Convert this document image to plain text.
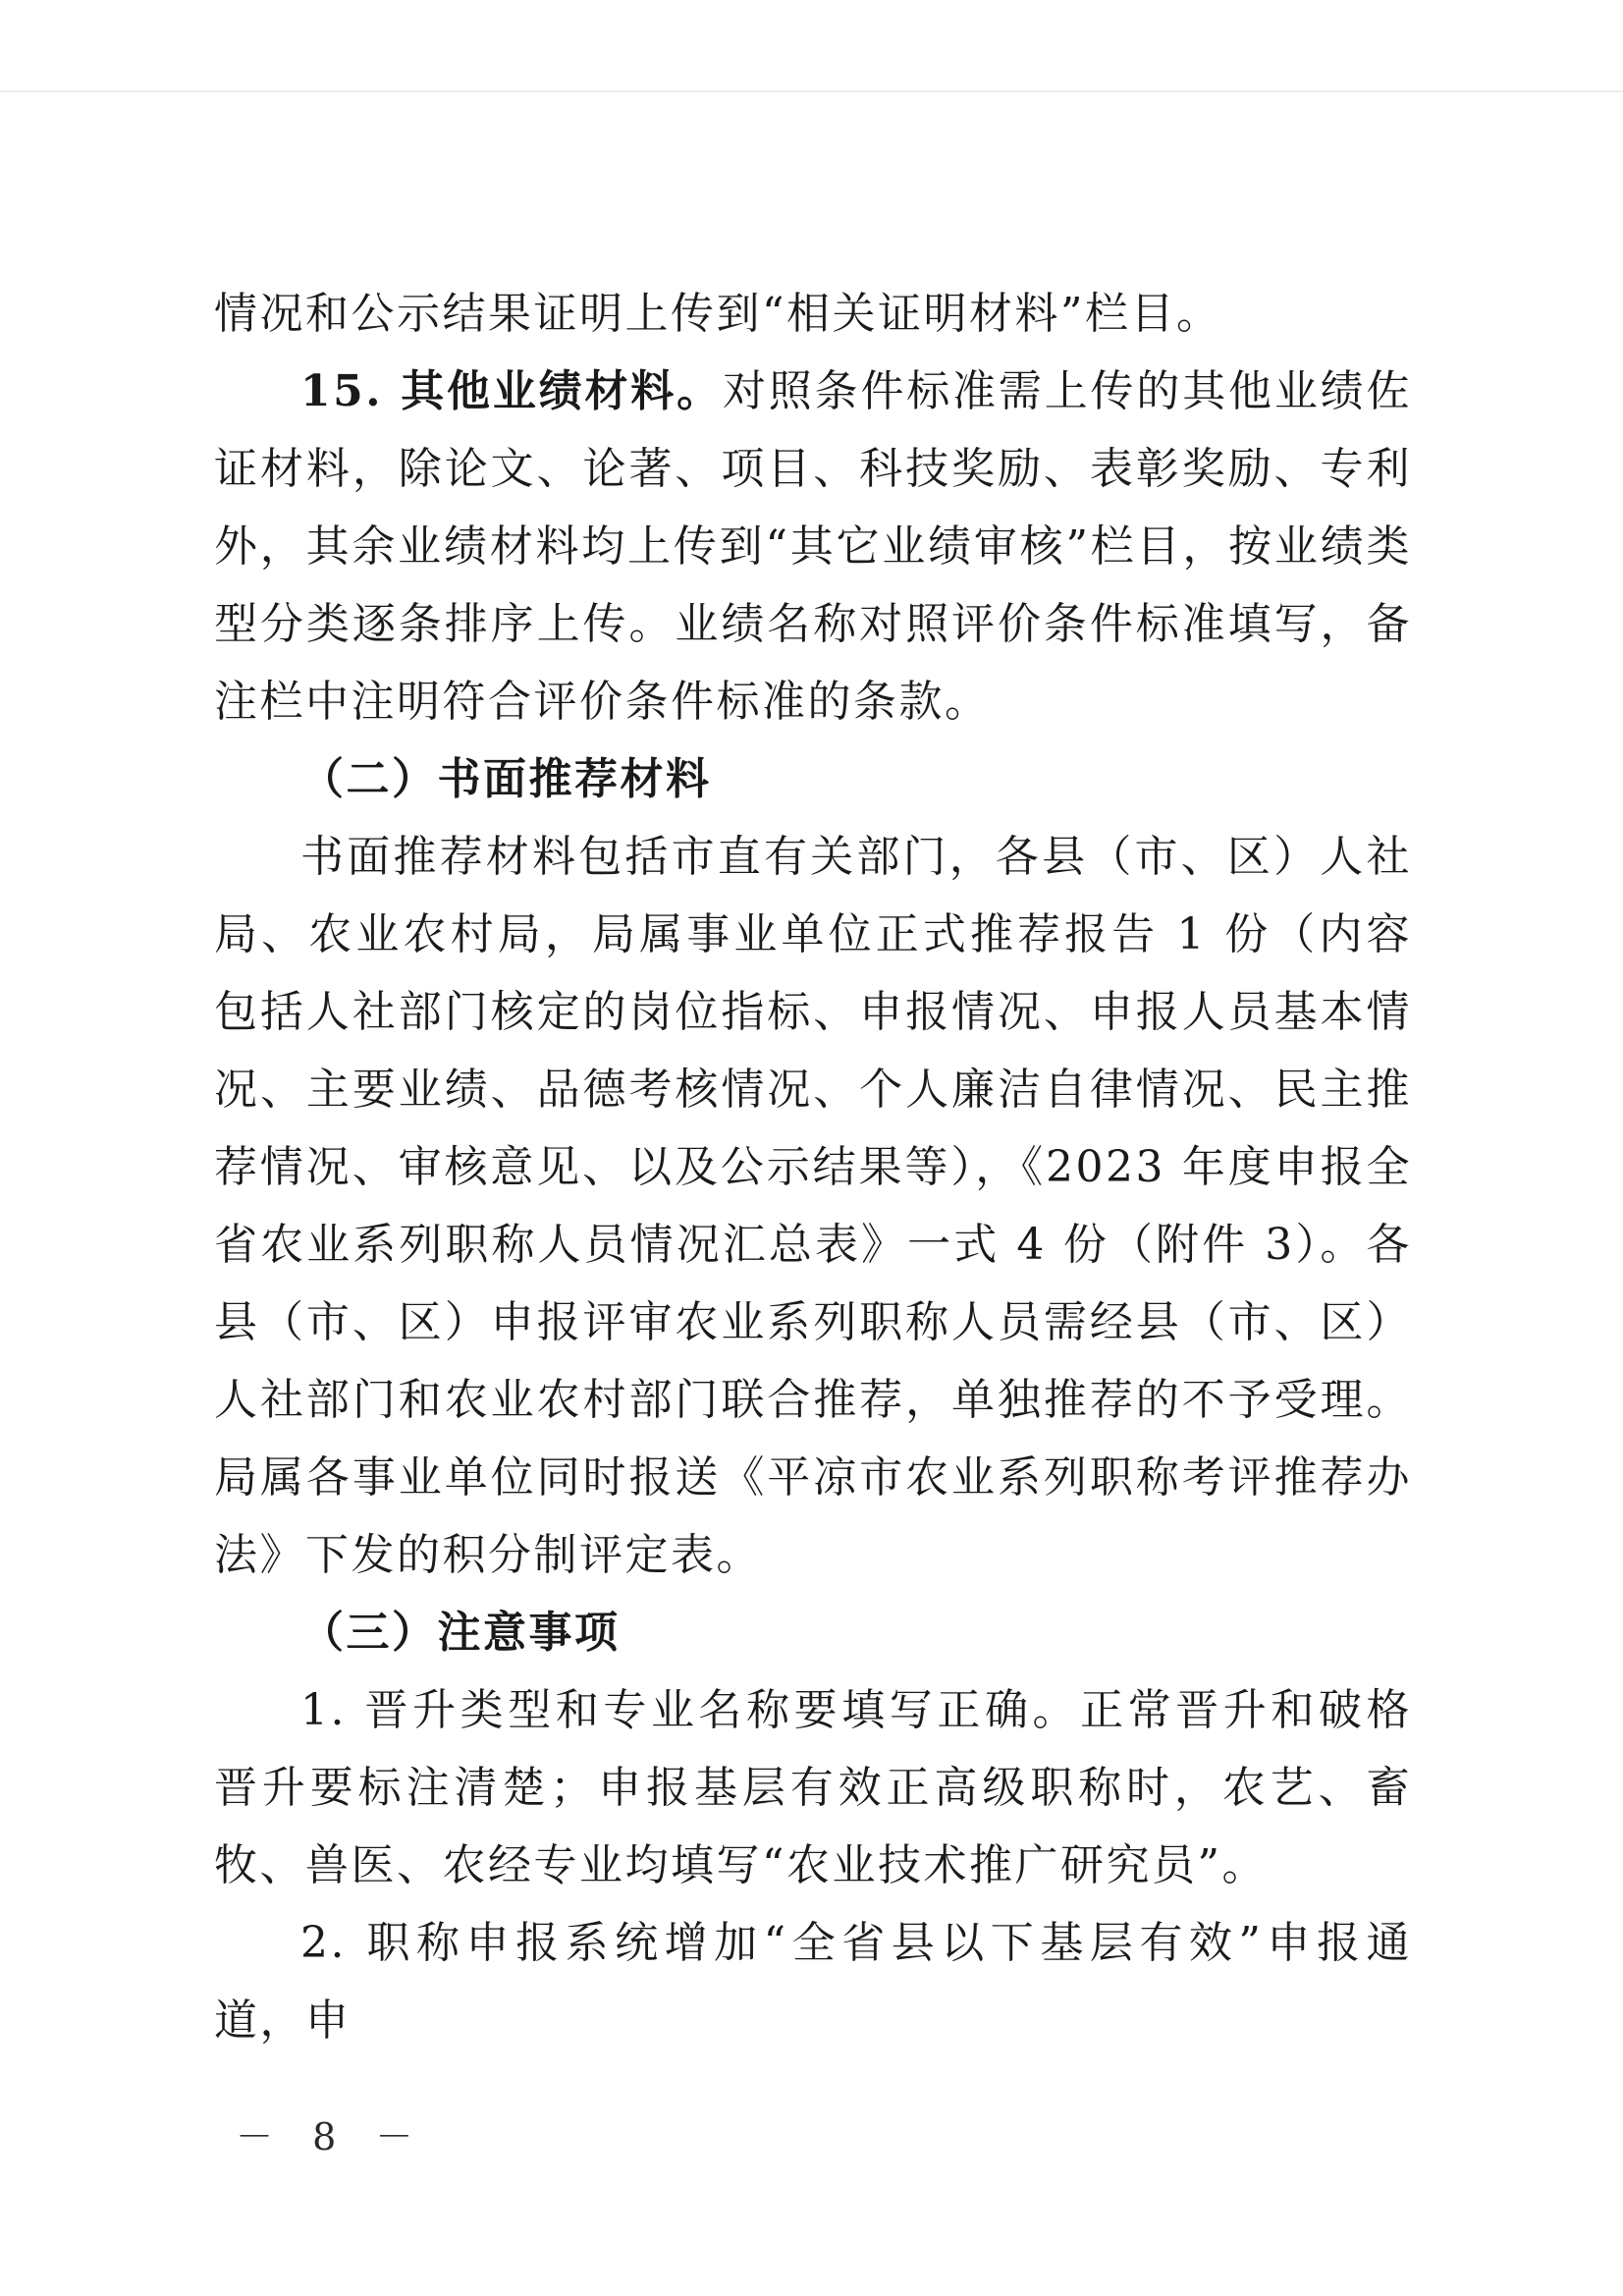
情况和公示结果证明上传到“相关证明材料”栏目。

15. 其他业绩材料。对照条件标准需上传的其他业绩佐证材料，除论文、论著、项目、科技奖励、表彰奖励、专利外，其余业绩材料均上传到“其它业绩审核”栏目，按业绩类型分类逐条排序上传。业绩名称对照评价条件标准填写，备注栏中注明符合评价条件标准的条款。

（二）书面推荐材料

书面推荐材料包括市直有关部门，各县（市、区）人社局、农业农村局，局属事业单位正式推荐报告 1 份（内容包括人社部门核定的岗位指标、申报情况、申报人员基本情况、主要业绩、品德考核情况、个人廉洁自律情况、民主推荐情况、审核意见、以及公示结果等），《2023 年度申报全省农业系列职称人员情况汇总表》一式 4 份（附件 3）。各县（市、区）申报评审农业系列职称人员需经县（市、区）人社部门和农业农村部门联合推荐，单独推荐的不予受理。局属各事业单位同时报送《平凉市农业系列职称考评推荐办法》下发的积分制评定表。

（三）注意事项

1. 晋升类型和专业名称要填写正确。正常晋升和破格晋升要标注清楚；申报基层有效正高级职称时，农艺、畜牧、兽医、农经专业均填写“农业技术推广研究员”。

2. 职称申报系统增加“全省县以下基层有效”申报通道，申

－ 8 －
